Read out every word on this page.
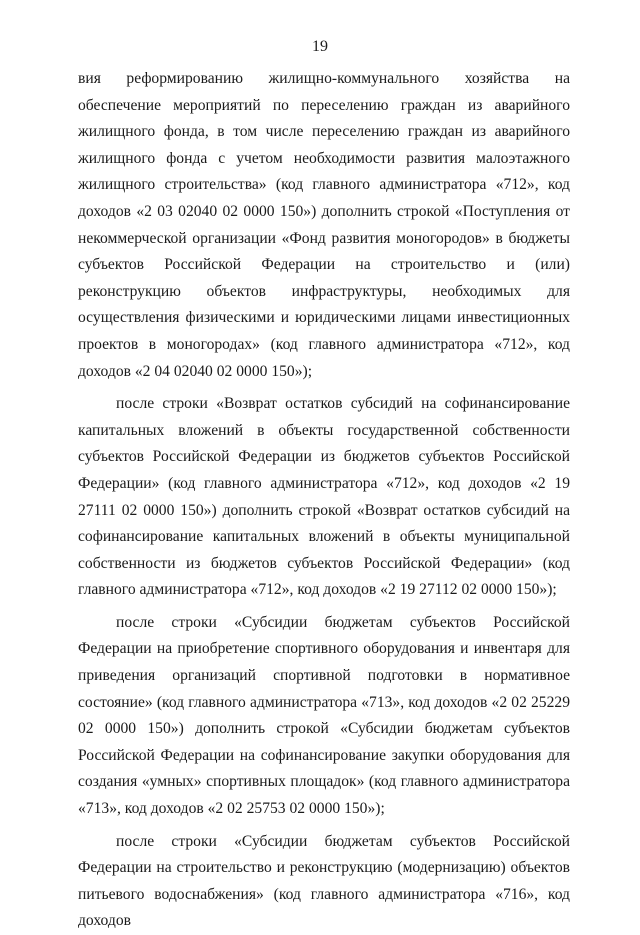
19

вия реформированию жилищно-коммунального хозяйства на обеспечение мероприятий по переселению граждан из аварийного жилищного фонда, в том числе переселению граждан из аварийного жилищного фонда с учетом необходимости развития малоэтажного жилищного строительства» (код главного администратора «712», код доходов «2 03 02040 02 0000 150») дополнить строкой «Поступления от некоммерческой организации «Фонд развития моногородов» в бюджеты субъектов Российской Федерации на строительство и (или) реконструкцию объектов инфраструктуры, необходимых для осуществления физическими и юридическими лицами инвестиционных проектов в моногородах» (код главного администратора «712», код доходов «2 04 02040 02 0000 150»);

после строки «Возврат остатков субсидий на софинансирование капитальных вложений в объекты государственной собственности субъектов Российской Федерации из бюджетов субъектов Российской Федерации» (код главного администратора «712», код доходов «2 19 27111 02 0000 150») дополнить строкой «Возврат остатков субсидий на софинансирование капитальных вложений в объекты муниципальной собственности из бюджетов субъектов Российской Федерации» (код главного администратора «712», код доходов «2 19 27112 02 0000 150»);

после строки «Субсидии бюджетам субъектов Российской Федерации на приобретение спортивного оборудования и инвентаря для приведения организаций спортивной подготовки в нормативное состояние» (код главного администратора «713», код доходов «2 02 25229 02 0000 150») дополнить строкой «Субсидии бюджетам субъектов Российской Федерации на софинансирование закупки оборудования для создания «умных» спортивных площадок» (код главного администратора «713», код доходов «2 02 25753 02 0000 150»);

после строки «Субсидии бюджетам субъектов Российской Федерации на строительство и реконструкцию (модернизацию) объектов питьевого водоснабжения» (код главного администратора «716», код доходов
